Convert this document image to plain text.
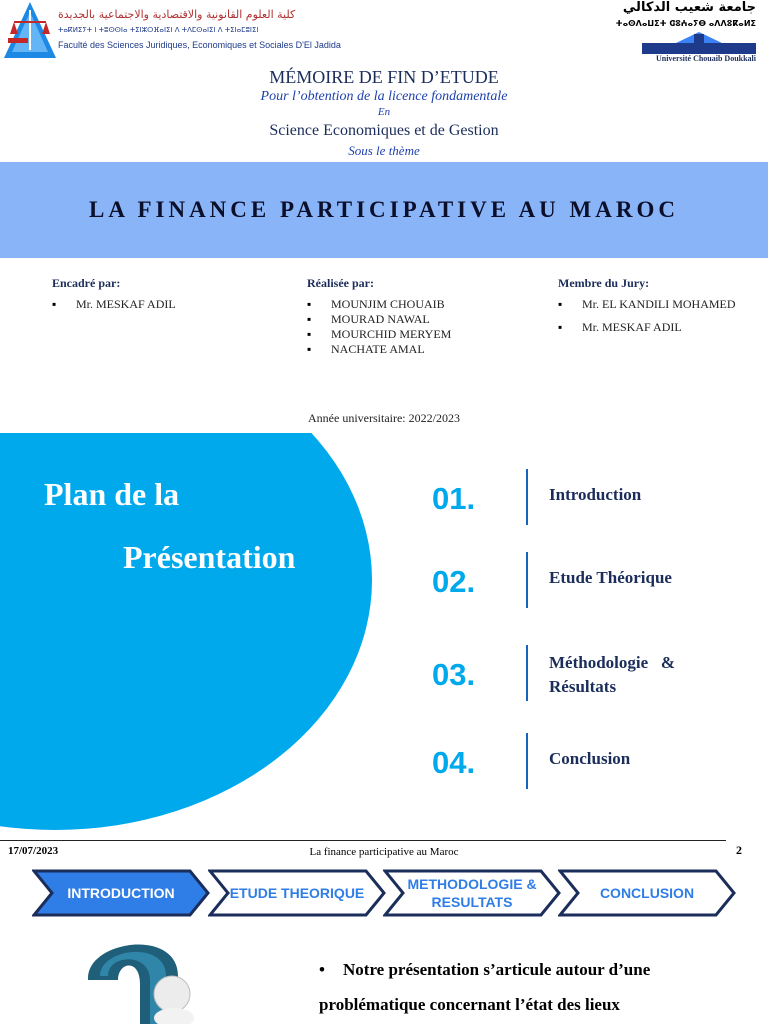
كلية العلوم القانونية والاقتصادية والاجتماعية بالجديدة
ⵜⴰⴽⵍⵉⵢⵜ ⵏ ⵜⵓⵙⵙⵏⴰ ⵜⵉⵏⵣⵔⴼⴰⵏⵉⵏ ⴷ ⵜⴷⵎⵙⴰⵏⵉⵏ ⴷ ⵜⵉⵏⴰⵎⵓⵏⵉⵏ
Faculté des Sciences Juridiques, Economiques et Sociales D'El Jadida
جامعة شعيب الدكالي
ⵜⴰⵙⴷⴰⵡⵉⵜ ⵛⵓⵄⴰⵢⴱ ⴰⴷⴷⵓⴽⴰⵍⵉ
Université Chouaib Doukkali
MÉMOIRE DE FIN D’ETUDE
Pour l’obtention de la licence fondamentale
En
Science Economiques et de Gestion
Sous le thème
LA FINANCE PARTICIPATIVE AU MAROC
Encadré par:
▪ Mr. MESKAF ADIL
Réalisée par:
▪ MOUNJIM CHOUAIB
▪ MOURAD NAWAL
▪ MOURCHID MERYEM
▪ NACHATE AMAL
Membre du Jury:
▪ Mr. EL KANDILI MOHAMED
▪ Mr. MESKAF ADIL
Année universitaire: 2022/2023
Plan de la
Présentation
01.	Introduction
02.	Etude Théorique
03.	Méthodologie   & Résultats
04.	Conclusion
17/07/2023	La finance participative au Maroc	2
INTRODUCTION	ETUDE THEORIQUE
METHODOLOGIE & RESULTATS
CONCLUSION
• Notre présentation s’articule autour d’une problématique concernant l’état des lieux
